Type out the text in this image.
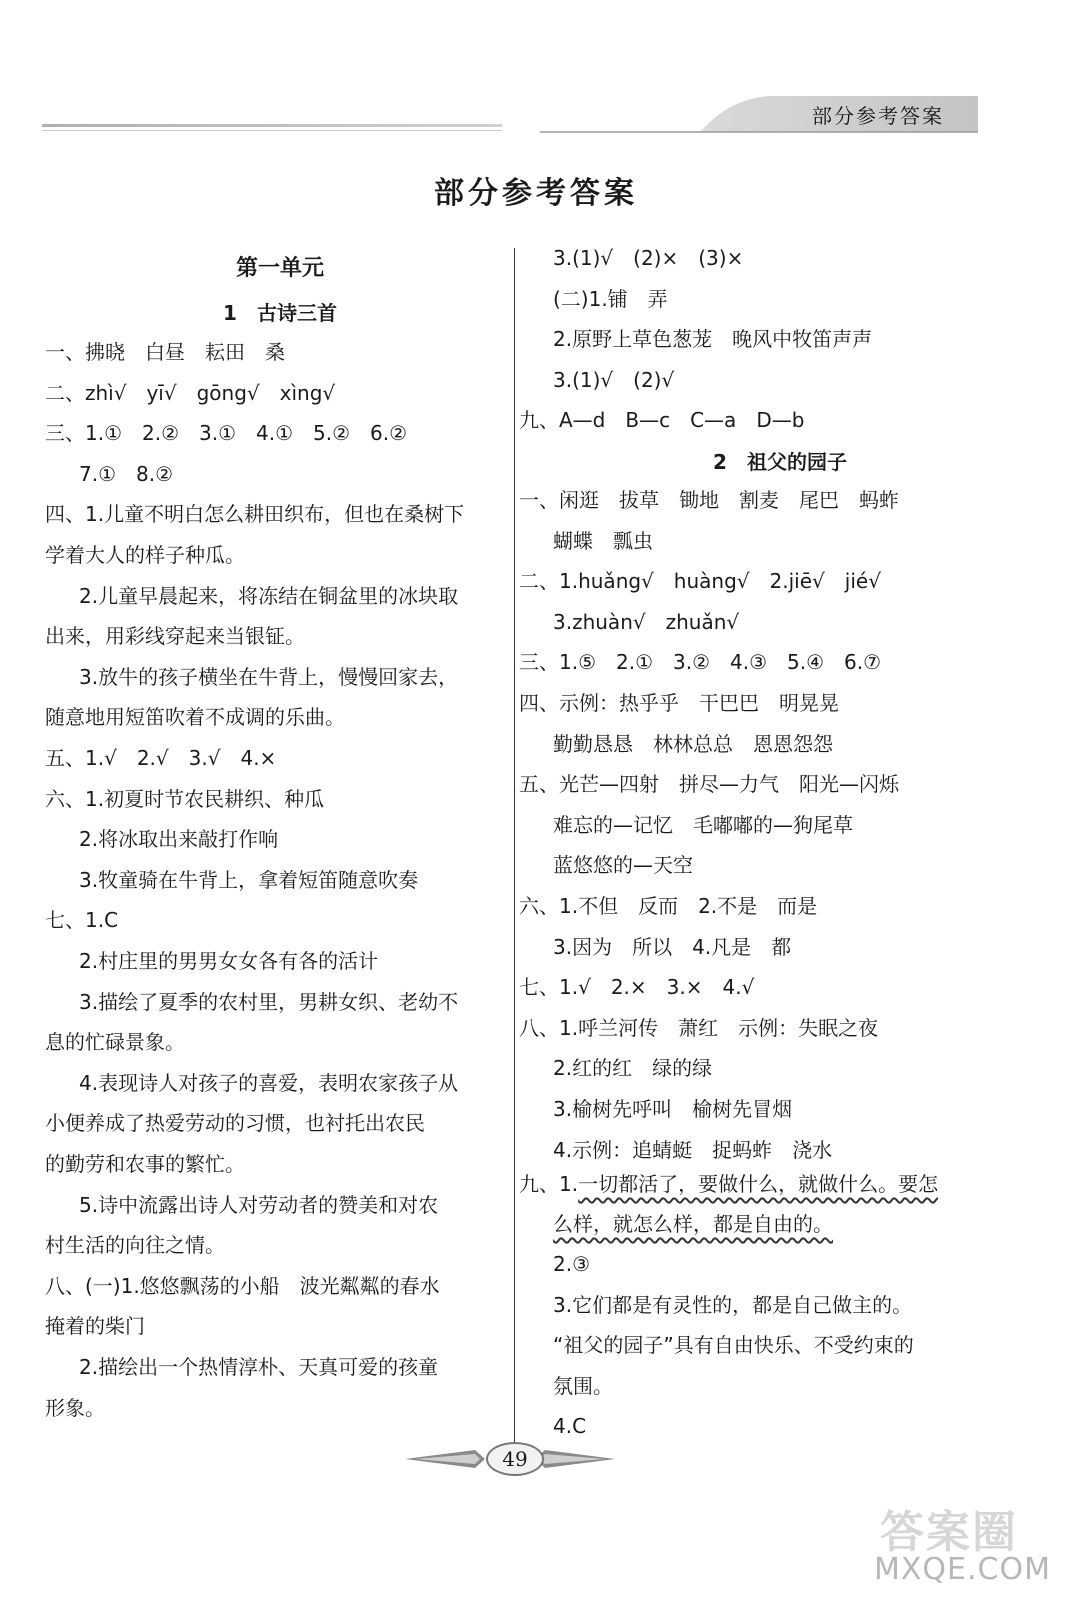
部分参考答案
部分参考答案
第一单元
1　古诗三首
一、拂晓　白昼　耘田　桑
二、zhì√　yī√　gōng√　xìng√
三、1.①　2.②　3.①　4.①　5.②　6.②
7.①　8.②
四、1.儿童不明白怎么耕田织布，但也在桑树下
学着大人的样子种瓜。
2.儿童早晨起来，将冻结在铜盆里的冰块取
出来，用彩线穿起来当银钲。
3.放牛的孩子横坐在牛背上，慢慢回家去，
随意地用短笛吹着不成调的乐曲。
五、1.√　2.√　3.√　4.×
六、1.初夏时节农民耕织、种瓜
2.将冰取出来敲打作响
3.牧童骑在牛背上，拿着短笛随意吹奏
七、1.C
2.村庄里的男男女女各有各的活计
3.描绘了夏季的农村里，男耕女织、老幼不
息的忙碌景象。
4.表现诗人对孩子的喜爱，表明农家孩子从
小便养成了热爱劳动的习惯，也衬托出农民
的勤劳和农事的繁忙。
5.诗中流露出诗人对劳动者的赞美和对农
村生活的向往之情。
八、(一)1.悠悠飘荡的小船　波光粼粼的春水
掩着的柴门
2.描绘出一个热情淳朴、天真可爱的孩童
形象。
3.(1)√　(2)×　(3)×
(二)1.铺　弄
2.原野上草色葱茏　晚风中牧笛声声
3.(1)√　(2)√
九、A—d　B—c　C—a　D—b
2　祖父的园子
一、闲逛　拔草　锄地　割麦　尾巴　蚂蚱
蝴蝶　瓢虫
二、1.huǎng√　huàng√　2.jiē√　jié√
3.zhuàn√　zhuǎn√
三、1.⑤　2.①　3.②　4.③　5.④　6.⑦
四、示例：热乎乎　干巴巴　明晃晃
勤勤恳恳　林林总总　恩恩怨怨
五、光芒—四射　拼尽—力气　阳光—闪烁
难忘的—记忆　毛嘟嘟的—狗尾草
蓝悠悠的—天空
六、1.不但　反而　2.不是　而是
3.因为　所以　4.凡是　都
七、1.√　2.×　3.×　4.√
八、1.呼兰河传　萧红　示例：失眠之夜
2.红的红　绿的绿
3.榆树先呼叫　榆树先冒烟
4.示例：追蜻蜓　捉蚂蚱　浇水
九、1.一切都活了，要做什么，就做什么。要怎
么样，就怎么样，都是自由的。
2.③
3.它们都是有灵性的，都是自己做主的。
“祖父的园子”具有自由快乐、不受约束的
氛围。
4.C
49
答案圈
MXQE.COM
